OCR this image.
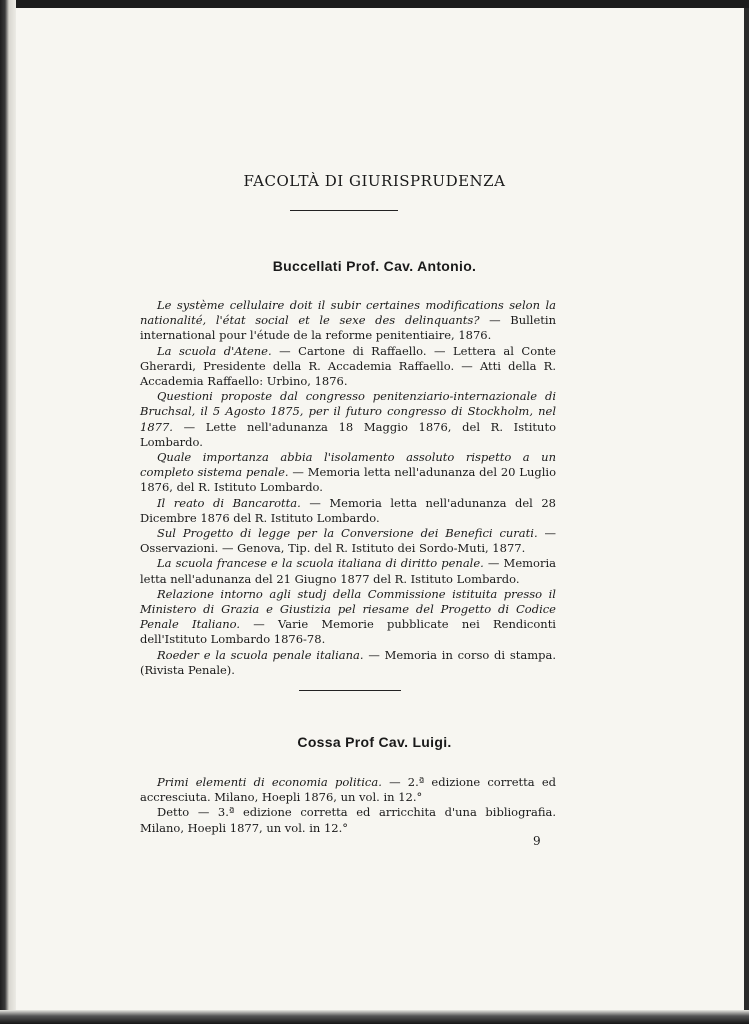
FACOLTÀ DI GIURISPRUDENZA
Buccellati Prof. Cav. Antonio.

Le système cellulaire doit il subir certaines modifications selon la nationalité, l'état social et le sexe des delinquants? — Bulletin international pour l'étude de la reforme penitentiaire, 1876.

La scuola d'Atene. — Cartone di Raffaello. — Lettera al Conte Gherardi, Presidente della R. Accademia Raffaello. — Atti della R. Accademia Raffaello: Urbino, 1876.

Questioni proposte dal congresso penitenziario-internazionale di Bruchsal, il 5 Agosto 1875, per il futuro congresso di Stockholm, nel 1877. — Lette nell'adunanza 18 Maggio 1876, del R. Istituto Lombardo.

Quale importanza abbia l'isolamento assoluto rispetto a un completo sistema penale. — Memoria letta nell'adunanza del 20 Luglio 1876, del R. Istituto Lombardo.

Il reato di Bancarotta. — Memoria letta nell'adunanza del 28 Dicembre 1876 del R. Istituto Lombardo.

Sul Progetto di legge per la Conversione dei Benefici curati. — Osservazioni. — Genova, Tip. del R. Istituto dei Sordo-Muti, 1877.

La scuola francese e la scuola italiana di diritto penale. — Memoria letta nell'adunanza del 21 Giugno 1877 del R. Istituto Lombardo.

Relazione intorno agli studj della Commissione istituita presso il Ministero di Grazia e Giustizia pel riesame del Progetto di Codice Penale Italiano. — Varie Memorie pubblicate nei Rendiconti dell'Istituto Lombardo 1876-78.

Roeder e la scuola penale italiana. — Memoria in corso di stampa. (Rivista Penale).

Cossa Prof Cav. Luigi.

Primi elementi di economia politica. — 2.ª edizione corretta ed accresciuta. Milano, Hoepli 1876, un vol. in 12.°

Detto — 3.ª edizione corretta ed arricchita d'una bibliografia. Milano, Hoepli 1877, un vol. in 12.°

9
